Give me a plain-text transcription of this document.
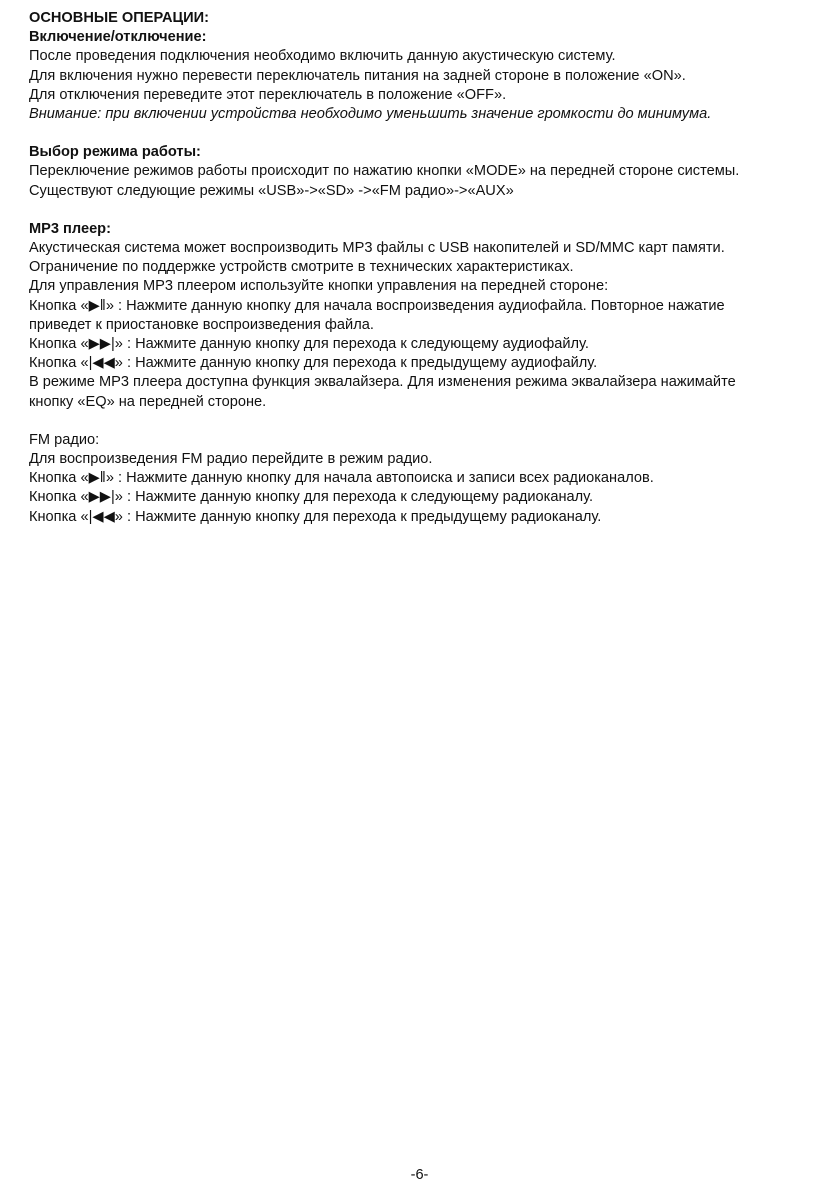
ОСНОВНЫЕ ОПЕРАЦИИ:
Включение/отключение:
После проведения подключения необходимо включить данную акустическую систему.
Для включения нужно перевести переключатель питания на задней стороне в положение «ON».
Для отключения переведите этот переключатель в положение «OFF».
Внимание: при включении устройства необходимо уменьшить значение громкости до минимума.
Выбор режима работы:
Переключение режимов работы происходит по нажатию кнопки «MODE» на передней стороне системы.
Существуют следующие режимы «USB»->«SD» ->«FM радио»->«AUX»
MP3 плеер:
Акустическая система может воспроизводить MP3 файлы с USB накопителей и SD/MMC карт памяти.
Ограничение по поддержке устройств смотрите в технических характеристиках.
Для управления MP3 плеером используйте кнопки управления на передней стороне:
Кнопка «▶‖» : Нажмите данную кнопку для начала воспроизведения аудиофайла. Повторное нажатие
приведет к приостановке воспроизведения файла.
Кнопка «▶▶|» : Нажмите данную кнопку для перехода к следующему аудиофайлу.
Кнопка «|◀◀» : Нажмите данную кнопку для перехода к предыдущему аудиофайлу.
В режиме MP3 плеера доступна функция эквалайзера. Для изменения режима эквалайзера нажимайте
кнопку «EQ» на передней стороне.
FM радио:
Для воспроизведения FM радио перейдите в режим радио.
Кнопка «▶‖» : Нажмите данную кнопку для начала автопоиска и записи всех радиоканалов.
Кнопка «▶▶|» : Нажмите данную кнопку для перехода к следующему радиоканалу.
Кнопка «|◀◀» : Нажмите данную кнопку для перехода к предыдущему радиоканалу.
-6-
